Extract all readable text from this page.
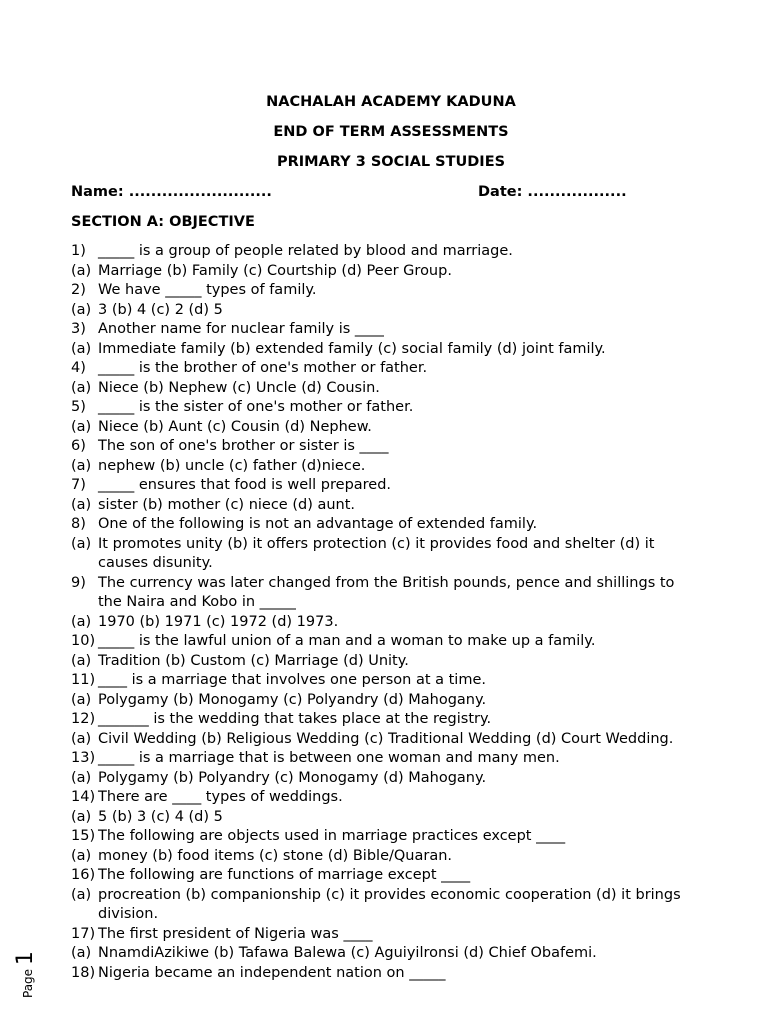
NACHALAH ACADEMY KADUNA
END OF TERM ASSESSMENTS
PRIMARY 3 SOCIAL STUDIES
Name: ..........................	Date: ..................
SECTION A: OBJECTIVE
1) _____ is a group of people related by blood and marriage.
(a) Marriage (b) Family (c) Courtship (d) Peer Group.
2) We have _____ types of family.
(a) 3 (b) 4 (c) 2 (d) 5
3) Another name for nuclear family is ____
(a) Immediate family (b) extended family (c) social family (d) joint family.
4) _____ is the brother of one's mother or father.
(a) Niece (b) Nephew (c) Uncle (d) Cousin.
5) _____ is the sister of one's mother or father.
(a) Niece (b) Aunt (c) Cousin (d) Nephew.
6) The son of one's brother or sister is ____
(a) nephew (b) uncle (c) father (d)niece.
7) _____ ensures that food is well prepared.
(a) sister (b) mother (c) niece (d) aunt.
8) One of the following is not an advantage of extended family.
(a) It promotes unity (b) it offers protection (c) it provides food and shelter (d) it causes disunity.
9) The currency was later changed from the British pounds, pence and shillings to the Naira and Kobo in _____
(a) 1970 (b) 1971 (c) 1972 (d) 1973.
10) _____ is the lawful union of a man and a woman to make up a family.
(a) Tradition (b) Custom (c) Marriage (d) Unity.
11) ____ is a marriage that involves one person at a time.
(a) Polygamy (b) Monogamy (c) Polyandry (d) Mahogany.
12) _______ is the wedding that takes place at the registry.
(a) Civil Wedding (b) Religious Wedding (c) Traditional Wedding (d) Court Wedding.
13) _____ is a marriage that is between one woman and many men.
(a) Polygamy (b) Polyandry (c) Monogamy (d) Mahogany.
14) There are ____ types of weddings.
(a) 5 (b) 3 (c) 4 (d) 5
15) The following are objects used in marriage practices except ____
(a) money (b) food items (c) stone (d) Bible/Quaran.
16) The following are functions of marriage except ____
(a) procreation (b) companionship (c) it provides economic cooperation (d) it brings division.
17) The first president of Nigeria was ____
(a) NnamdiAzikiwe (b) Tafawa Balewa (c) Aguiyilronsi (d) Chief Obafemi.
18) Nigeria became an independent nation on _____
Page 1
